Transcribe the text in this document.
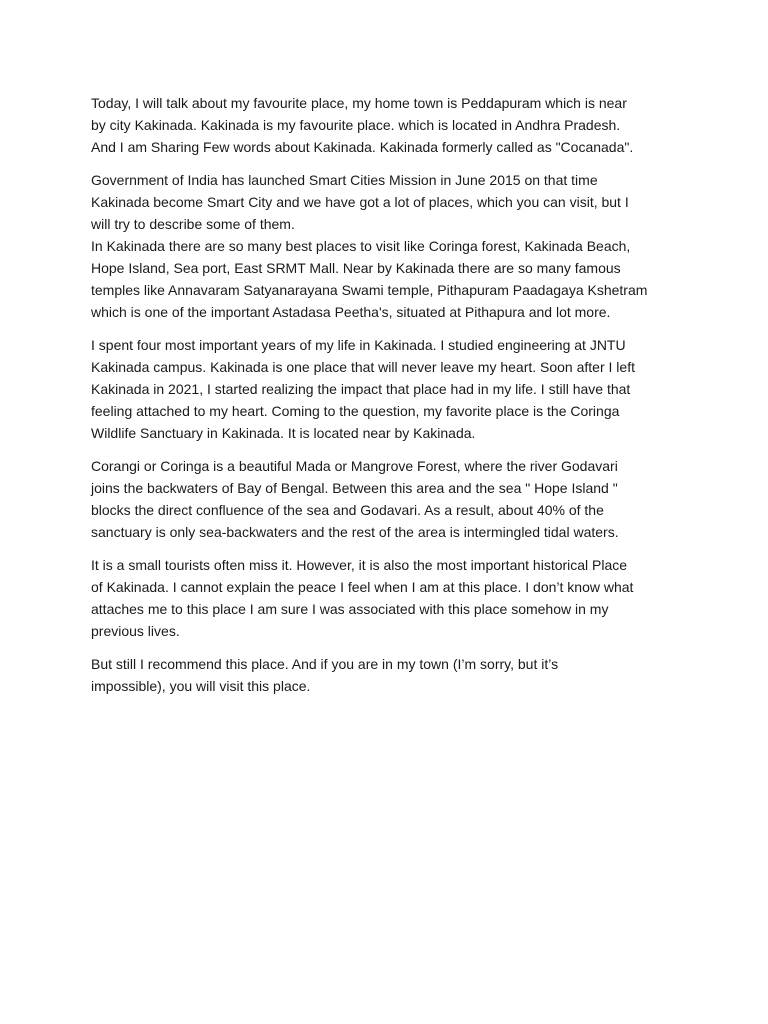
Today, I will talk about my favourite place, my home town is Peddapuram which is near
by city Kakinada. Kakinada is my favourite place. which is located in Andhra Pradesh.
And I am Sharing Few words about Kakinada. Kakinada formerly called as "Cocanada".

Government of India has launched Smart Cities Mission in June 2015 on that time
Kakinada become Smart City and we have got a lot of places, which you can visit, but I
will try to describe some of them.

In Kakinada there are so many best places to visit like Coringa forest, Kakinada Beach,
Hope Island, Sea port, East SRMT Mall. Near by Kakinada there are so many famous
temples like Annavaram Satyanarayana Swami temple, Pithapuram Paadagaya Kshetram
which is one of the important Astadasa Peetha's, situated at Pithapura and lot more.

I spent four most important years of my life in Kakinada. I studied engineering at JNTU
Kakinada campus. Kakinada is one place that will never leave my heart. Soon after I left
Kakinada in 2021, I started realizing the impact that place had in my life. I still have that
feeling attached to my heart. Coming to the question, my favorite place is the Coringa
Wildlife Sanctuary in Kakinada. It is located near by Kakinada.

Corangi or Coringa is a beautiful Mada or Mangrove Forest, where the river Godavari
joins the backwaters of Bay of Bengal. Between this area and the sea " Hope Island "
blocks the direct confluence of the sea and Godavari. As a result, about 40% of the
sanctuary is only sea-backwaters and the rest of the area is intermingled tidal waters.

It is a small tourists often miss it. However, it is also the most important historical Place
of Kakinada. I cannot explain the peace I feel when I am at this place. I don’t know what
attaches me to this place I am sure I was associated with this place somehow in my
previous lives.

But still I recommend this place. And if you are in my town (I’m sorry, but it’s
impossible), you will visit this place.
